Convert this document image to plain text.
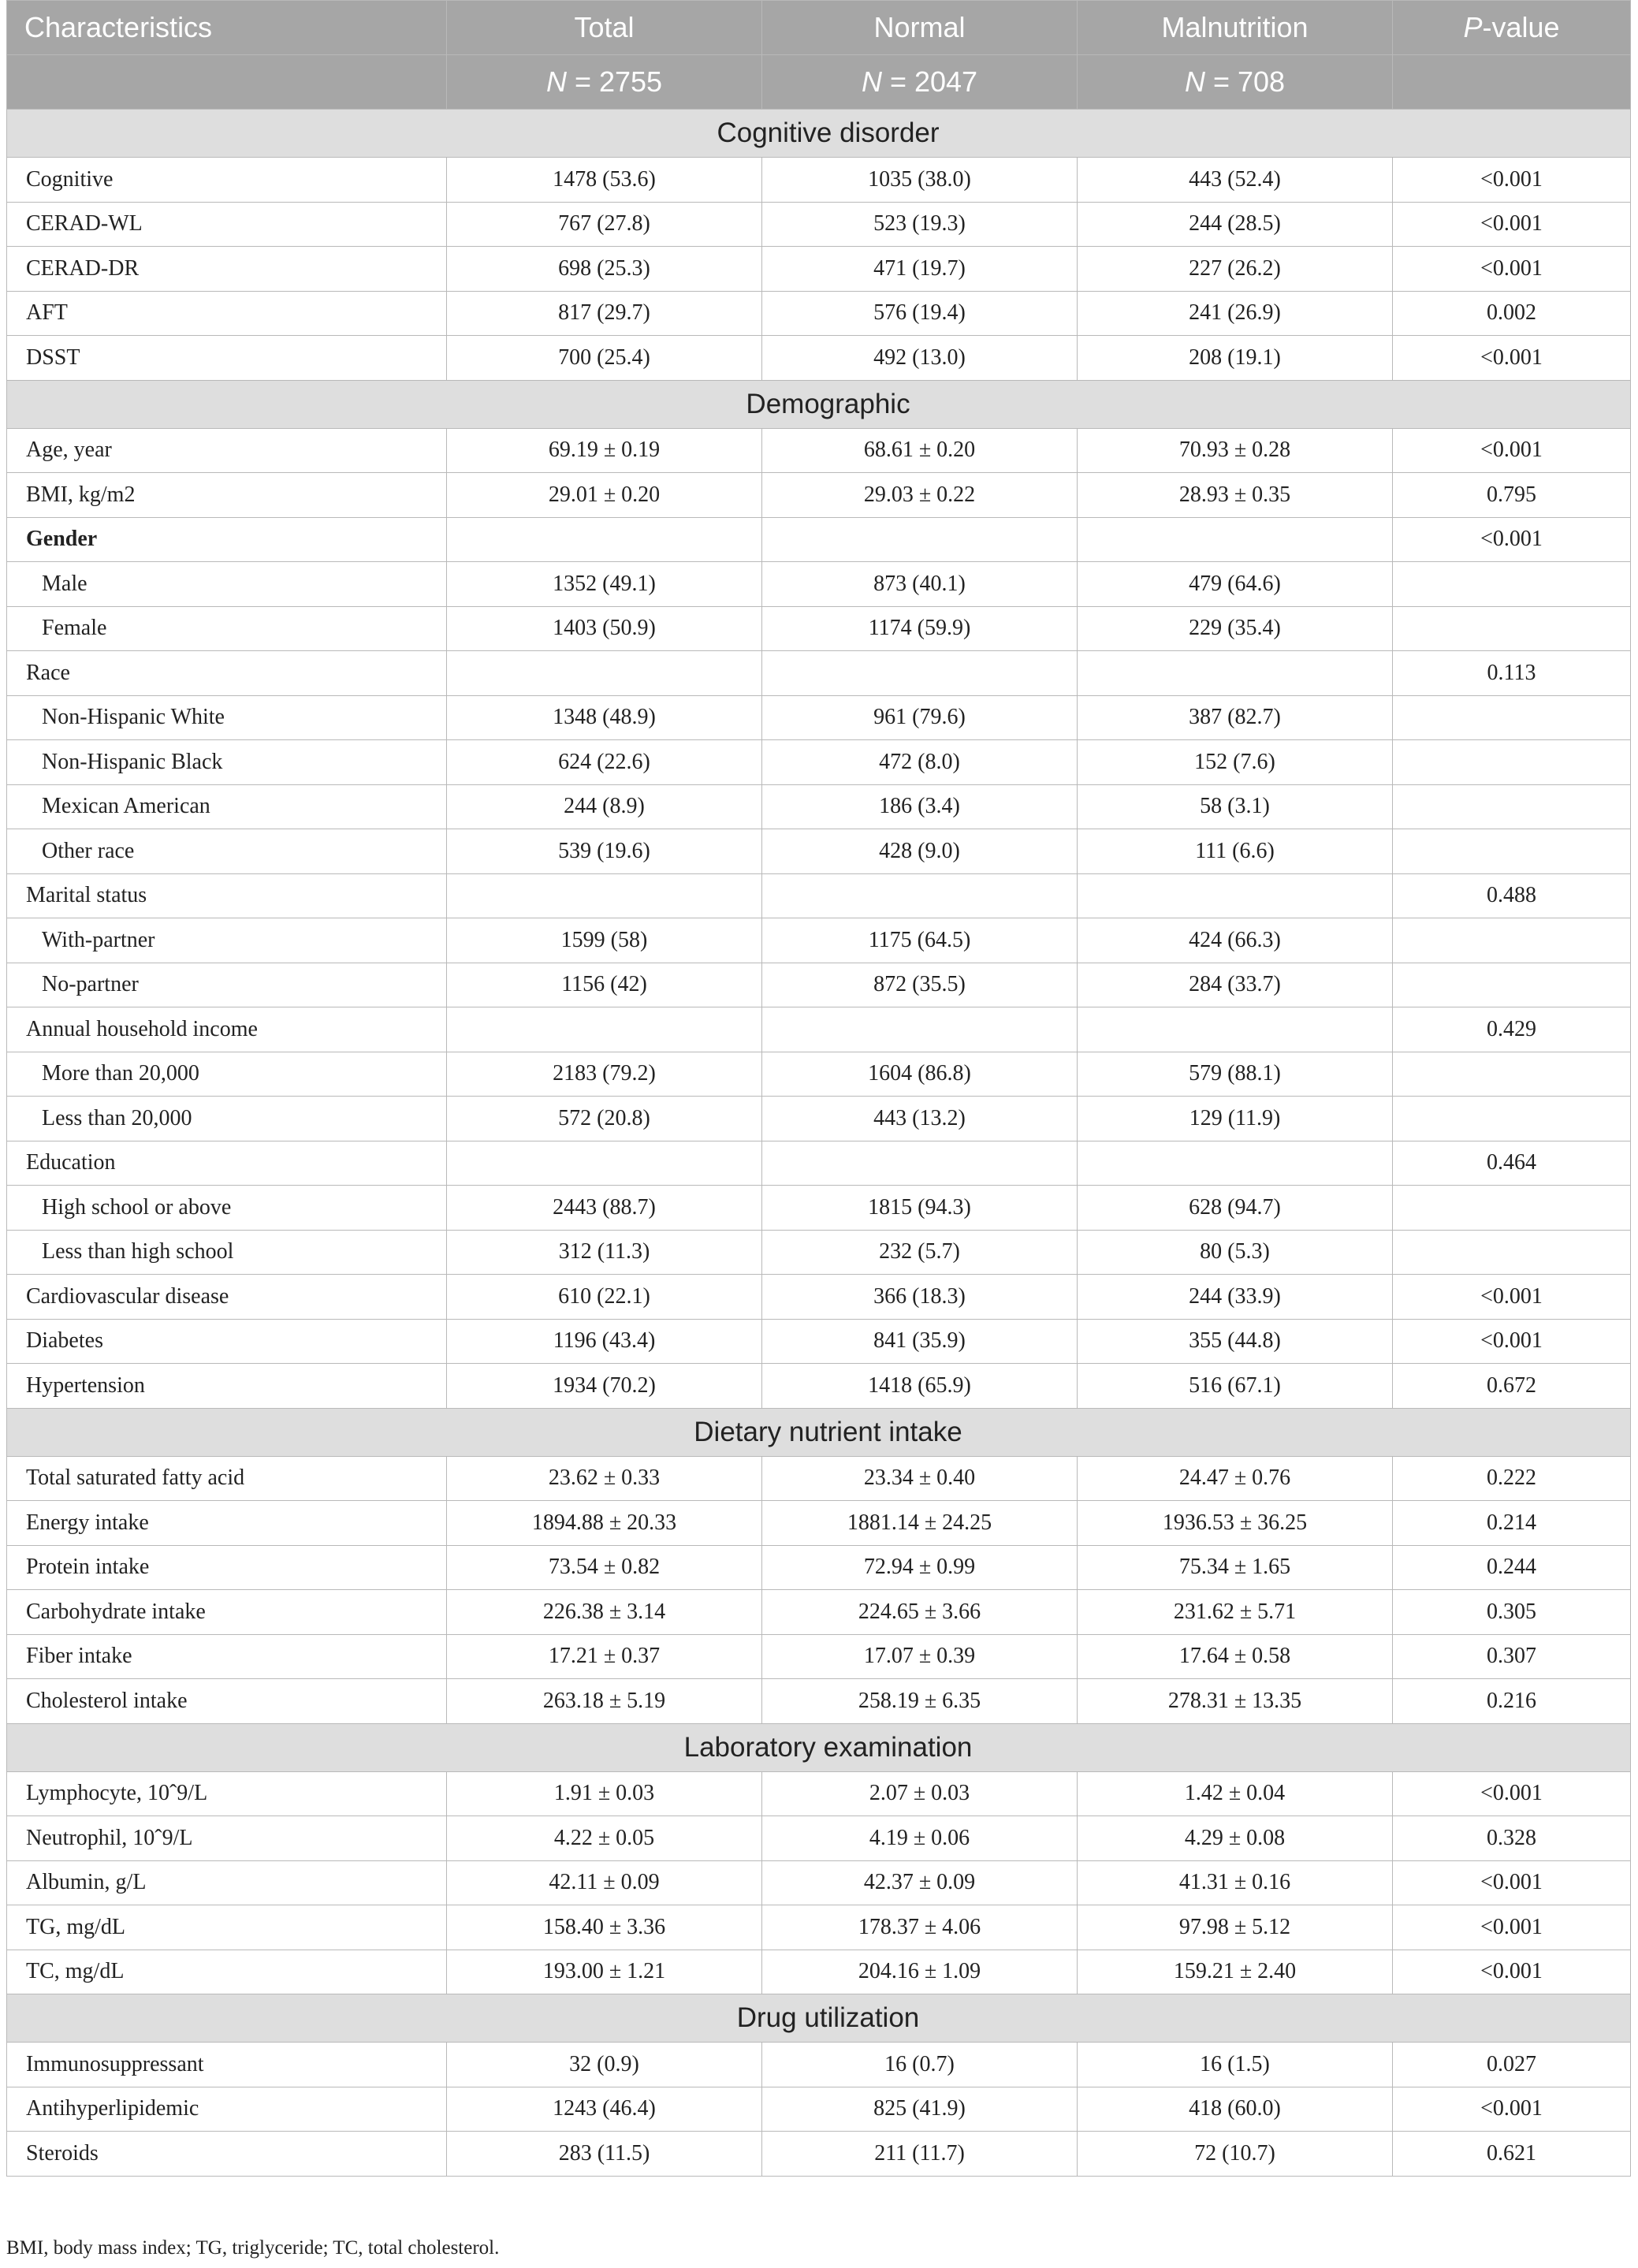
Characteristics	Total	Normal	Malnutrition	P-value
	N = 2755	N = 2047	N = 708	
Cognitive disorder				
Cognitive	1478 (53.6)	1035 (38.0)	443 (52.4)	<0.001
CERAD-WL	767 (27.8)	523 (19.3)	244 (28.5)	<0.001
CERAD-DR	698 (25.3)	471 (19.7)	227 (26.2)	<0.001
AFT	817 (29.7)	576 (19.4)	241 (26.9)	0.002
DSST	700 (25.4)	492 (13.0)	208 (19.1)	<0.001
Demographic				
Age, year	69.19 ± 0.19	68.61 ± 0.20	70.93 ± 0.28	<0.001
BMI, kg/m2	29.01 ± 0.20	29.03 ± 0.22	28.93 ± 0.35	0.795
Gender				<0.001
Male	1352 (49.1)	873 (40.1)	479 (64.6)	
Female	1403 (50.9)	1174 (59.9)	229 (35.4)	
Race				0.113
Non-Hispanic White	1348 (48.9)	961 (79.6)	387 (82.7)	
Non-Hispanic Black	624 (22.6)	472 (8.0)	152 (7.6)	
Mexican American	244 (8.9)	186 (3.4)	58 (3.1)	
Other race	539 (19.6)	428 (9.0)	111 (6.6)	
Marital status				0.488
With-partner	1599 (58)	1175 (64.5)	424 (66.3)	
No-partner	1156 (42)	872 (35.5)	284 (33.7)	
Annual household income				0.429
More than 20,000	2183 (79.2)	1604 (86.8)	579 (88.1)	
Less than 20,000	572 (20.8)	443 (13.2)	129 (11.9)	
Education				0.464
High school or above	2443 (88.7)	1815 (94.3)	628 (94.7)	
Less than high school	312 (11.3)	232 (5.7)	80 (5.3)	
Cardiovascular disease	610 (22.1)	366 (18.3)	244 (33.9)	<0.001
Diabetes	1196 (43.4)	841 (35.9)	355 (44.8)	<0.001
Hypertension	1934 (70.2)	1418 (65.9)	516 (67.1)	0.672
Dietary nutrient intake				
Total saturated fatty acid	23.62 ± 0.33	23.34 ± 0.40	24.47 ± 0.76	0.222
Energy intake	1894.88 ± 20.33	1881.14 ± 24.25	1936.53 ± 36.25	0.214
Protein intake	73.54 ± 0.82	72.94 ± 0.99	75.34 ± 1.65	0.244
Carbohydrate intake	226.38 ± 3.14	224.65 ± 3.66	231.62 ± 5.71	0.305
Fiber intake	17.21 ± 0.37	17.07 ± 0.39	17.64 ± 0.58	0.307
Cholesterol intake	263.18 ± 5.19	258.19 ± 6.35	278.31 ± 13.35	0.216
Laboratory examination				
Lymphocyte, 10ˆ9/L	1.91 ± 0.03	2.07 ± 0.03	1.42 ± 0.04	<0.001
Neutrophil, 10ˆ9/L	4.22 ± 0.05	4.19 ± 0.06	4.29 ± 0.08	0.328
Albumin, g/L	42.11 ± 0.09	42.37 ± 0.09	41.31 ± 0.16	<0.001
TG, mg/dL	158.40 ± 3.36	178.37 ± 4.06	97.98 ± 5.12	<0.001
TC, mg/dL	193.00 ± 1.21	204.16 ± 1.09	159.21 ± 2.40	<0.001
Drug utilization				
Immunosuppressant	32 (0.9)	16 (0.7)	16 (1.5)	0.027
Antihyperlipidemic	1243 (46.4)	825 (41.9)	418 (60.0)	<0.001
Steroids	283 (11.5)	211 (11.7)	72 (10.7)	0.621
BMI, body mass index; TG, triglyceride; TC, total cholesterol.
